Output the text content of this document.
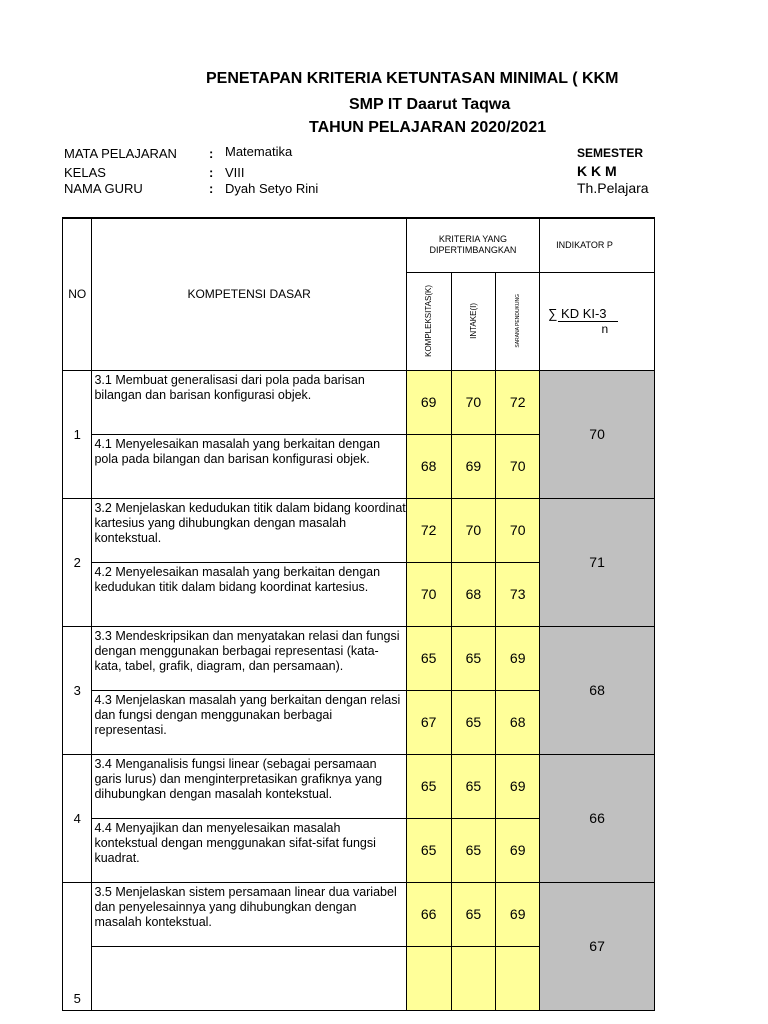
PENETAPAN KRITERIA KETUNTASAN MINIMAL ( KKM
SMP IT Daarut Taqwa
TAHUN PELAJARAN 2020/2021
MATA PELAJARAN : Matematika
KELAS	: VIII
NAMA GURU	: Dyah Setyo Rini
SEMESTER
K K M
Th.Pelajara
NO	KOMPETENSI DASAR	KRITERIA YANG DIPERTIMBANGKAN			INDIKATOR P

		KOMPLEKSITAS(K)	INTAKE(I)	SARANA PENDUKUNG	∑ KD KI-3
n

1	3.1 Membuat generalisasi dari pola pada barisan bilangan dan barisan konfigurasi objek.	69	70	72	70
	4.1 Menyelesaikan masalah yang berkaitan dengan pola pada bilangan dan barisan konfigurasi objek.	68	69	70	
2	3.2 Menjelaskan kedudukan titik dalam bidang koordinat kartesius yang dihubungkan dengan masalah kontekstual.	72	70	70	71
	4.2 Menyelesaikan masalah yang berkaitan dengan kedudukan titik dalam bidang koordinat kartesius.	70	68	73	
3	3.3 Mendeskripsikan dan menyatakan relasi dan fungsi dengan menggunakan berbagai representasi (kata-kata, tabel, grafik, diagram, dan persamaan).	65	65	69	68
	4.3 Menjelaskan masalah yang berkaitan dengan relasi dan fungsi dengan menggunakan berbagai representasi.	67	65	68	
4	3.4 Menganalisis fungsi linear (sebagai persamaan garis lurus) dan menginterpretasikan grafiknya yang dihubungkan dengan masalah kontekstual.	65	65	69	66
	4.4 Menyajikan dan menyelesaikan masalah kontekstual dengan menggunakan sifat-sifat fungsi kuadrat.	65	65	69	
5	3.5 Menjelaskan sistem persamaan linear dua variabel dan penyelesainnya yang dihubungkan dengan masalah kontekstual.	66	65	69	67
